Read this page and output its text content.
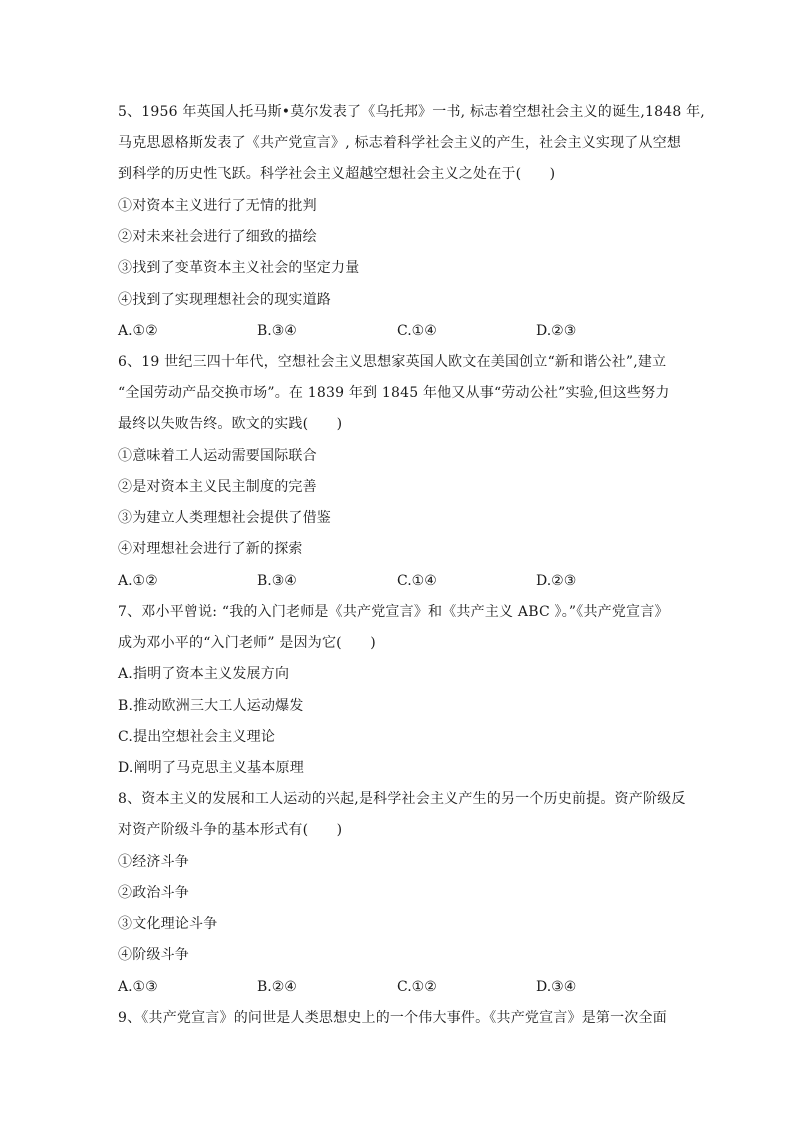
5、1956 年英国人托马斯•莫尔发表了《乌托邦》一书, 标志着空想社会主义的诞生,1848 年,
马克思恩格斯发表了《共产党宣言》, 标志着科学社会主义的产生，社会主义实现了从空想
到科学的历史性飞跃。科学社会主义超越空想社会主义之处在于(　　)
①对资本主义进行了无情的批判
②对未来社会进行了细致的描绘
③找到了变革资本主义社会的坚定力量
④找到了实现理想社会的现实道路
A.①②	B.③④	C.①④	D.②③
6、19 世纪三四十年代，空想社会主义思想家英国人欧文在美国创立“新和谐公社”,建立
“全国劳动产品交换市场”。在 1839 年到 1845 年他又从事“劳动公社”实验,但这些努力
最终以失败告终。欧文的实践(　　)
①意味着工人运动需要国际联合
②是对资本主义民主制度的完善
③为建立人类理想社会提供了借鉴
④对理想社会进行了新的探索
A.①②	B.③④	C.①④	D.②③
7、邓小平曾说: “我的入门老师是《共产党宣言》和《共产主义 ABC 》。”《共产党宣言》
成为邓小平的“入门老师” 是因为它(　　)
A.指明了资本主义发展方向
B.推动欧洲三大工人运动爆发
C.提出空想社会主义理论
D.阐明了马克思主义基本原理
8、资本主义的发展和工人运动的兴起,是科学社会主义产生的另一个历史前提。资产阶级反
对资产阶级斗争的基本形式有(　　)
①经济斗争
②政治斗争
③文化理论斗争
④阶级斗争
A.①③	B.②④	C.①②	D.③④
9、《共产党宣言》的问世是人类思想史上的一个伟大事件。《共产党宣言》是第一次全面
